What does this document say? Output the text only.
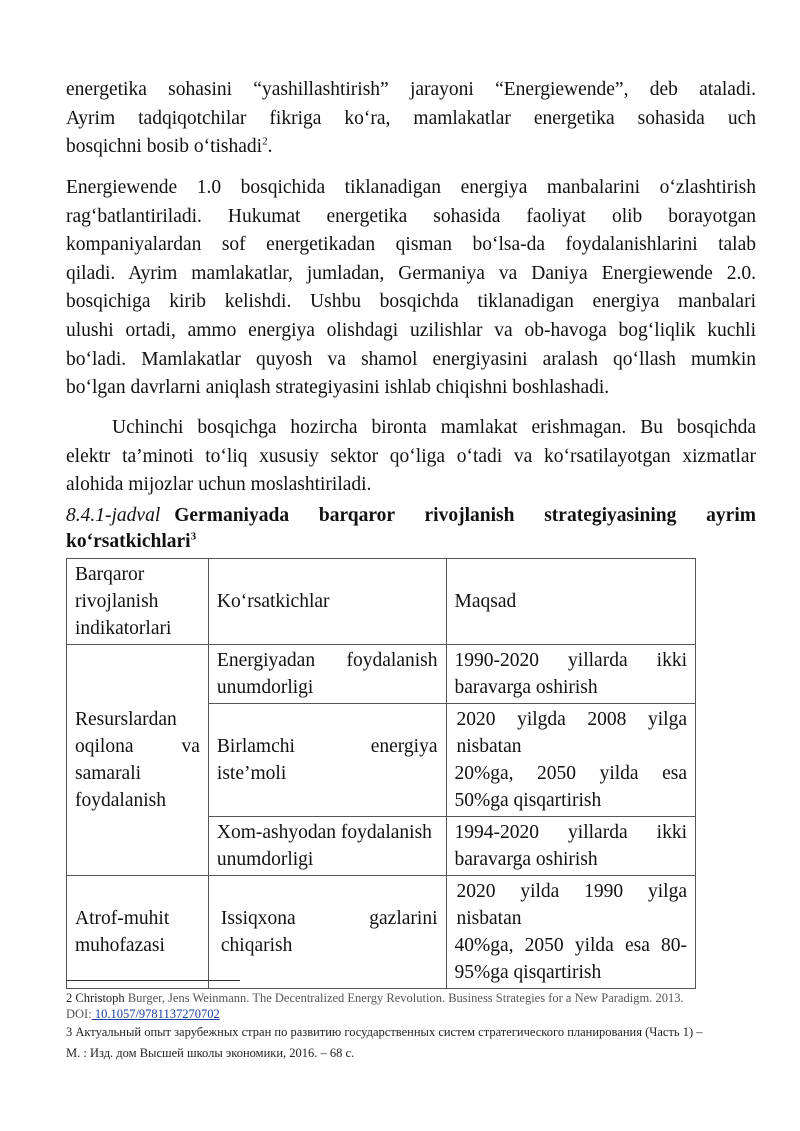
energetika sohasini “yashillashtirish” jarayoni “Energiewende”, deb ataladi.
Ayrim tadqiqotchilar fikriga ko‘ra, mamlakatlar energetika sohasida uch
bosqichni bosib o‘tishadi$^2$.
Energiewende 1.0 bosqichida tiklanadigan energiya manbalarini o‘zlashtirish
rag‘batlantiriladi. Hukumat energetika sohasida faoliyat olib borayotgan
kompaniyalardan sof energetikadan qisman bo‘lsa-da foydalanishlarini talab
qiladi. Ayrim mamlakatlar, jumladan, Germaniya va Daniya Energiewende 2.0.
bosqichiga kirib kelishdi. Ushbu bosqichda tiklanadigan energiya manbalari
ulushi ortadi, ammo energiya olishdagi uzilishlar va ob-havoga bog‘liqlik kuchli
bo‘ladi. Mamlakatlar quyosh va shamol energiyasini aralash qo‘llash mumkin
bo‘lgan davrlarni aniqlash strategiyasini ishlab chiqishni boshlashadi.
Uchinchi bosqichga hozircha bironta mamlakat erishmagan. Bu bosqichda
elektr ta’minoti to‘liq xususiy sektor qo‘liga o‘tadi va ko‘rsatilayotgan xizmatlar
alohida mijozlar uchun moslashtiriladi.
8.4.1-jadval Germaniyada barqaror rivojlanish strategiyasining ayrim
ko‘rsatkichlari$^3$
Barqaror rivojlanish indikatorlari	Ko‘rsatkichlar	Maqsad
Resurslardan oqilona va samarali foydalanish	Energiyadan foydalanish unumdorligi	1990-2020 yillarda ikki baravarga oshirish
	Birlamchi energiya iste’moli	2020 yilgda 2008 yilga nisbatan
20%ga, 2050 yilda esa 50%ga qisqartirish

	Xom-ashyodan foydalanish unumdorligi	1994-2020 yillarda ikki baravarga oshirish
Atrof-muhit muhofazasi	Issiqxona gazlarini chiqarish	2020 yilda 1990 yilga nisbatan
40%ga, 2050 yilda esa 80-95%ga qisqartirish
2 Christoph Burger, Jens Weinmann. The Decentralized Energy Revolution. Business Strategies for a New Paradigm. 2013.
DOI: 10.1057/9781137270702
3 Актуальный опыт зарубежных стран по развитию государственных систем стратегического планирования (Часть 1) –
М. : Изд. дом Высшей школы экономики, 2016. – 68 с.
